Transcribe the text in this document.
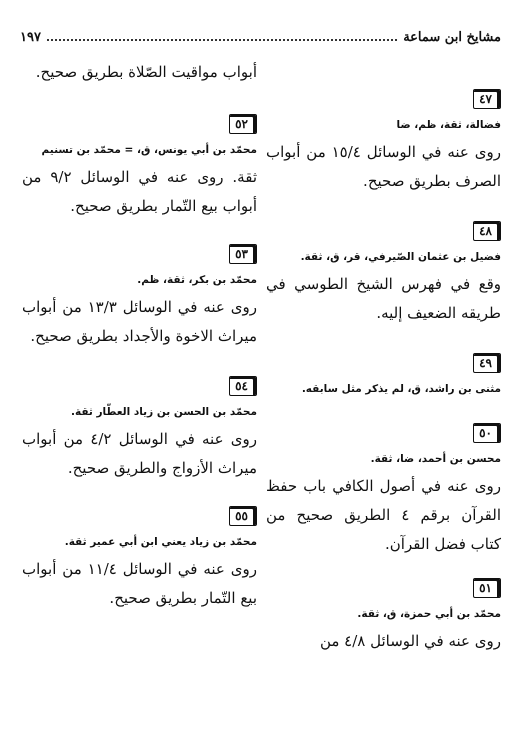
مشايخ ابن سماعة
١٩٧
٤٧

فضالة، ثقة، ظم، ضا

روى عنه في الوسائل ١٥/٤ من أبواب الصرف بطريق صحيح.

٤٨

فضيل بن عثمان الصّيرفي، قر، ق، ثقة.

وقع في فهرس الشيخ الطوسي في طريقه الضعيف إليه.

٤٩

مثنى بن راشد، ق، لم يذكر مثل سابقه.

٥٠

محسن بن أحمد، ضا، ثقة.

روى عنه في أصول الكافي باب حفظ القرآن برقم ٤ الطريق صحيح من كتاب فضل القرآن.

٥١

محمّد بن أبي حمزة، ق، ثقة.

روى عنه في الوسائل ٤/٨ من

أبواب مواقيت الصّلاة بطريق صحيح.

٥٢

محمّد بن أبي يونس، ق، = محمّد بن تسنيم

ثقة. روى عنه في الوسائل ٩/٢ من أبواب بيع التّمار بطريق صحيح.

٥٣

محمّد بن بكر، ثقة، ظم.

روى عنه في الوسائل ١٣/٣ من أبواب ميراث الاخوة والأجداد بطريق صحيح.

٥٤

محمّد بن الحسن بن زياد العطّار ثقة.

روى عنه في الوسائل ٤/٢ من أبواب ميراث الأزواج والطريق صحيح.

٥٥

محمّد بن زياد يعني ابن أبي عمير ثقة.

روى عنه في الوسائل ١١/٤ من أبواب بيع التّمار بطريق صحيح.
